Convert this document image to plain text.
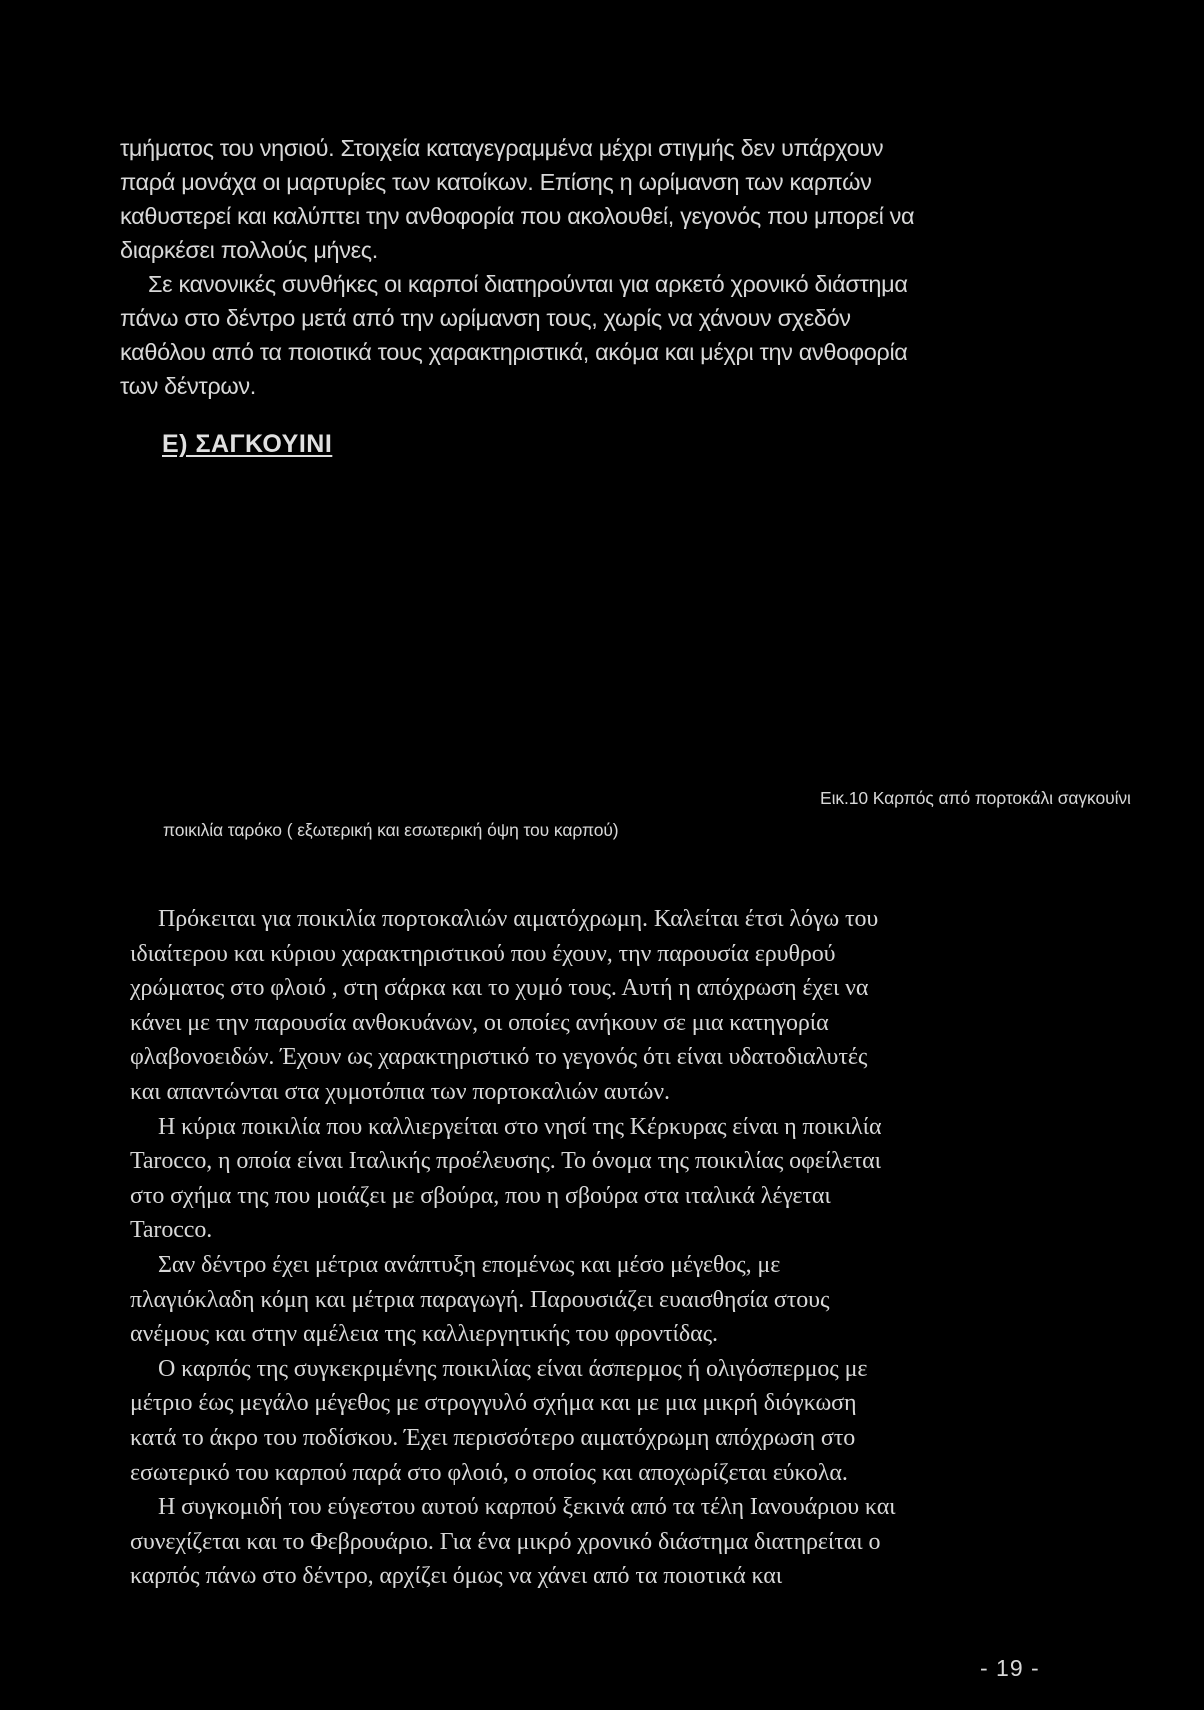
τμήματος του νησιού. Στοιχεία καταγεγραμμένα μέχρι στιγμής δεν υπάρχουν
παρά μονάχα οι μαρτυρίες των κατοίκων. Επίσης η ωρίμανση των καρπών
καθυστερεί και καλύπτει την ανθοφορία που ακολουθεί, γεγονός που μπορεί να
διαρκέσει πολλούς μήνες.
Σε κανονικές συνθήκες οι καρποί διατηρούνται για αρκετό χρονικό διάστημα
πάνω στο δέντρο μετά από την ωρίμανση τους, χωρίς να χάνουν σχεδόν
καθόλου από τα ποιοτικά τους χαρακτηριστικά, ακόμα και μέχρι την ανθοφορία
των δέντρων.
Ε) ΣΑΓΚΟΥΙΝΙ
Εικ.10 Καρπός από πορτοκάλι σαγκουίνι
ποικιλία ταρόκο ( εξωτερική και εσωτερική όψη του καρπού)
Πρόκειται για ποικιλία πορτοκαλιών αιματόχρωμη. Καλείται έτσι λόγω του
ιδιαίτερου και κύριου χαρακτηριστικού που έχουν, την παρουσία ερυθρού
χρώματος στο φλοιό , στη σάρκα και το χυμό τους. Αυτή η απόχρωση έχει να
κάνει με την παρουσία ανθοκυάνων, οι οποίες ανήκουν σε μια κατηγορία
φλαβονοειδών. Έχουν ως χαρακτηριστικό το γεγονός ότι είναι υδατοδιαλυτές
και απαντώνται στα χυμοτόπια των πορτοκαλιών αυτών.
Η κύρια ποικιλία που καλλιεργείται στο νησί της Κέρκυρας είναι η ποικιλία
Tarocco, η οποία είναι Ιταλικής προέλευσης. Το όνομα της ποικιλίας οφείλεται
στο σχήμα της που μοιάζει με σβούρα, που η σβούρα στα ιταλικά λέγεται
Tarocco.
Σαν δέντρο έχει μέτρια ανάπτυξη επομένως και μέσο μέγεθος, με
πλαγιόκλαδη κόμη και μέτρια παραγωγή. Παρουσιάζει ευαισθησία στους
ανέμους και στην αμέλεια της καλλιεργητικής του φροντίδας.
Ο καρπός της συγκεκριμένης ποικιλίας είναι άσπερμος ή ολιγόσπερμος με
μέτριο έως μεγάλο μέγεθος με στρογγυλό σχήμα και με μια μικρή διόγκωση
κατά το άκρο του ποδίσκου. Έχει περισσότερο αιματόχρωμη απόχρωση στο
εσωτερικό του καρπού παρά στο φλοιό, ο οποίος και αποχωρίζεται εύκολα.
Η συγκομιδή του εύγεστου αυτού καρπού ξεκινά από τα τέλη Ιανουάριου και
συνεχίζεται και το Φεβρουάριο. Για ένα μικρό χρονικό διάστημα διατηρείται ο
καρπός πάνω στο δέντρο, αρχίζει όμως να χάνει από τα ποιοτικά και
- 19 -
